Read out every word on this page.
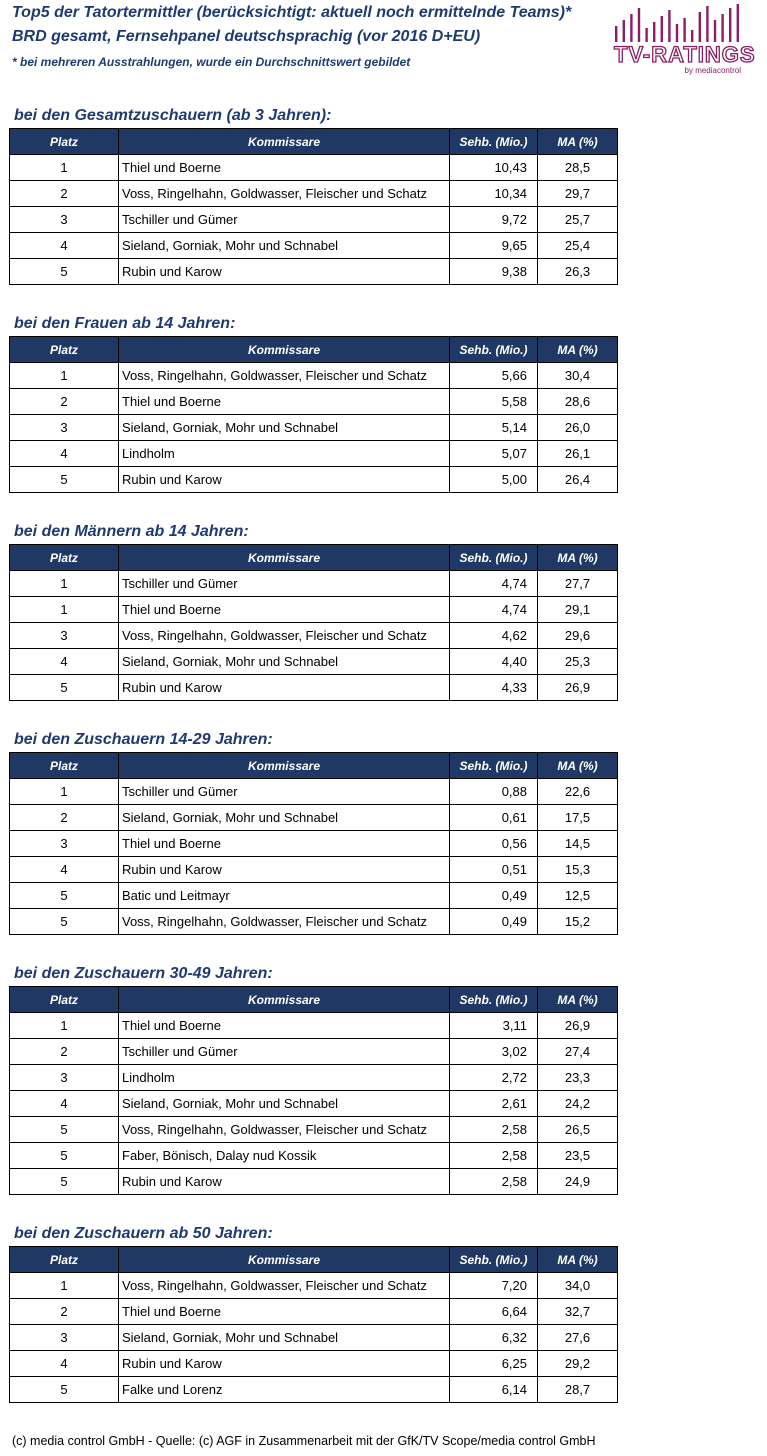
Top5 der Tatortermittler (berücksichtigt: aktuell noch ermittelnde Teams)*
BRD gesamt, Fernsehpanel deutschsprachig (vor 2016 D+EU)
* bei mehreren Ausstrahlungen, wurde ein Durchschnittswert gebildet	TV-RATINGS
by mediacontrol
bei den Gesamtzuschauern (ab 3 Jahren):
Platz	Kommissare	Sehb. (Mio.)	MA (%)
1	Thiel und Boerne	10,43	28,5
2	Voss, Ringelhahn, Goldwasser, Fleischer und Schatz	10,34	29,7
3	Tschiller und Gümer	9,72	25,7
4	Sieland, Gorniak, Mohr und Schnabel	9,65	25,4
5	Rubin und Karow	9,38	26,3
bei den Frauen ab 14 Jahren:
Platz	Kommissare	Sehb. (Mio.)	MA (%)
1	Voss, Ringelhahn, Goldwasser, Fleischer und Schatz	5,66	30,4
2	Thiel und Boerne	5,58	28,6
3	Sieland, Gorniak, Mohr und Schnabel	5,14	26,0
4	Lindholm	5,07	26,1
5	Rubin und Karow	5,00	26,4
bei den Männern ab 14 Jahren:
Platz	Kommissare	Sehb. (Mio.)	MA (%)
1	Tschiller und Gümer	4,74	27,7
1	Thiel und Boerne	4,74	29,1
3	Voss, Ringelhahn, Goldwasser, Fleischer und Schatz	4,62	29,6
4	Sieland, Gorniak, Mohr und Schnabel	4,40	25,3
5	Rubin und Karow	4,33	26,9
bei den Zuschauern 14-29 Jahren:
Platz	Kommissare	Sehb. (Mio.)	MA (%)
1	Tschiller und Gümer	0,88	22,6
2	Sieland, Gorniak, Mohr und Schnabel	0,61	17,5
3	Thiel und Boerne	0,56	14,5
4	Rubin und Karow	0,51	15,3
5	Batic und Leitmayr	0,49	12,5
5	Voss, Ringelhahn, Goldwasser, Fleischer und Schatz	0,49	15,2
bei den Zuschauern 30-49 Jahren:
Platz	Kommissare	Sehb. (Mio.)	MA (%)
1	Thiel und Boerne	3,11	26,9
2	Tschiller und Gümer	3,02	27,4
3	Lindholm	2,72	23,3
4	Sieland, Gorniak, Mohr und Schnabel	2,61	24,2
5	Voss, Ringelhahn, Goldwasser, Fleischer und Schatz	2,58	26,5
5	Faber, Bönisch, Dalay nud Kossik	2,58	23,5
5	Rubin und Karow	2,58	24,9
bei den Zuschauern ab 50 Jahren:
Platz	Kommissare	Sehb. (Mio.)	MA (%)
1	Voss, Ringelhahn, Goldwasser, Fleischer und Schatz	7,20	34,0
2	Thiel und Boerne	6,64	32,7
3	Sieland, Gorniak, Mohr und Schnabel	6,32	27,6
4	Rubin und Karow	6,25	29,2
5	Falke und Lorenz	6,14	28,7
(c) media control GmbH - Quelle: (c) AGF in Zusammenarbeit mit der GfK/TV Scope/media control GmbH
